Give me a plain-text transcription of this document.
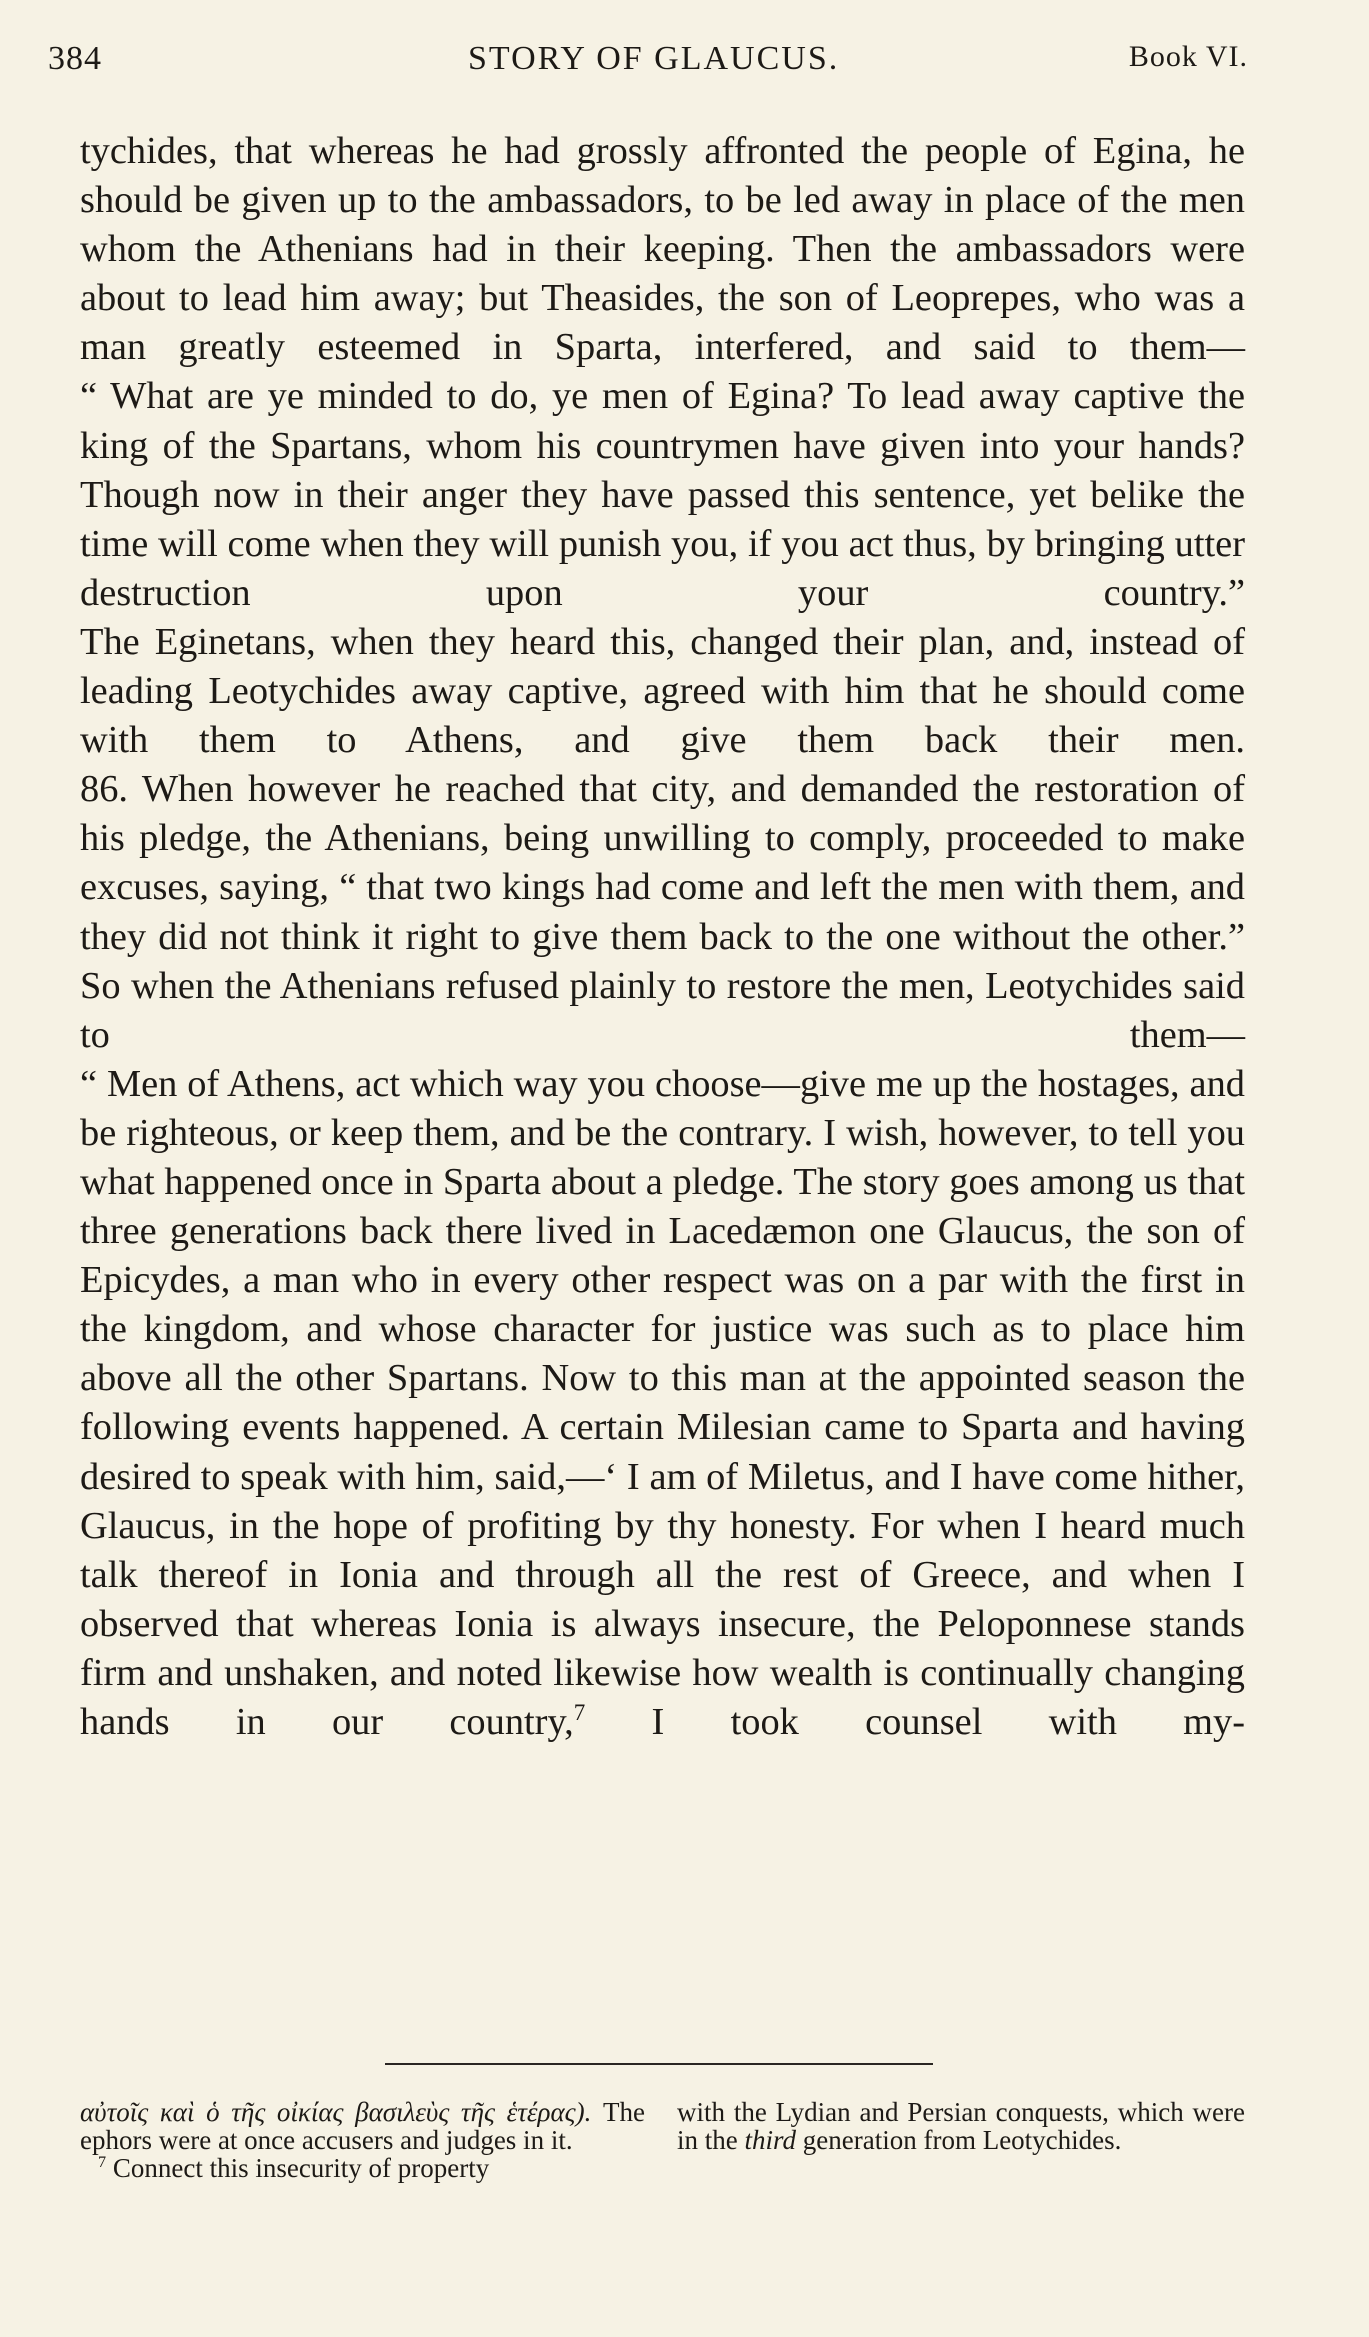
384	STORY OF GLAUCUS.	Book VI.

tychides, that whereas he had grossly affronted the people of Egina, he should be given up to the ambassadors, to be led away in place of the men whom the Athenians had in their keeping. Then the ambassadors were about to lead him away; but Theasides, the son of Leoprepes, who was a man greatly esteemed in Sparta, interfered, and said to them—

“ What are ye minded to do, ye men of Egina? To lead away captive the king of the Spartans, whom his countrymen have given into your hands? Though now in their anger they have passed this sentence, yet belike the time will come when they will punish you, if you act thus, by bringing utter destruction upon your country.”

The Eginetans, when they heard this, changed their plan, and, instead of leading Leotychides away captive, agreed with him that he should come with them to Athens, and give them back their men.

86. When however he reached that city, and demanded the restoration of his pledge, the Athenians, being unwilling to comply, proceeded to make excuses, saying, “ that two kings had come and left the men with them, and they did not think it right to give them back to the one without the other.” So when the Athenians refused plainly to restore the men, Leotychides said to them—

“ Men of Athens, act which way you choose—give me up the hostages, and be righteous, or keep them, and be the contrary. I wish, however, to tell you what happened once in Sparta about a pledge. The story goes among us that three generations back there lived in Lacedæmon one Glaucus, the son of Epicydes, a man who in every other respect was on a par with the first in the kingdom, and whose character for justice was such as to place him above all the other Spartans. Now to this man at the appointed season the following events happened. A certain Milesian came to Sparta and having desired to speak with him, said,—‘ I am of Miletus, and I have come hither, Glaucus, in the hope of profiting by thy honesty. For when I heard much talk thereof in Ionia and through all the rest of Greece, and when I observed that whereas Ionia is always insecure, the Peloponnese stands firm and unshaken, and noted likewise how wealth is continually changing hands in our country,$^7$ I took counsel with my-

αὐτοῖς καὶ ὁ τῆς οἰκίας βασιλεὺς τῆς ἑτέρας). The ephors were at once accusers and judges in it.

$^7$ Connect this insecurity of property

with the Lydian and Persian conquests, which were in the third generation from Leotychides.
